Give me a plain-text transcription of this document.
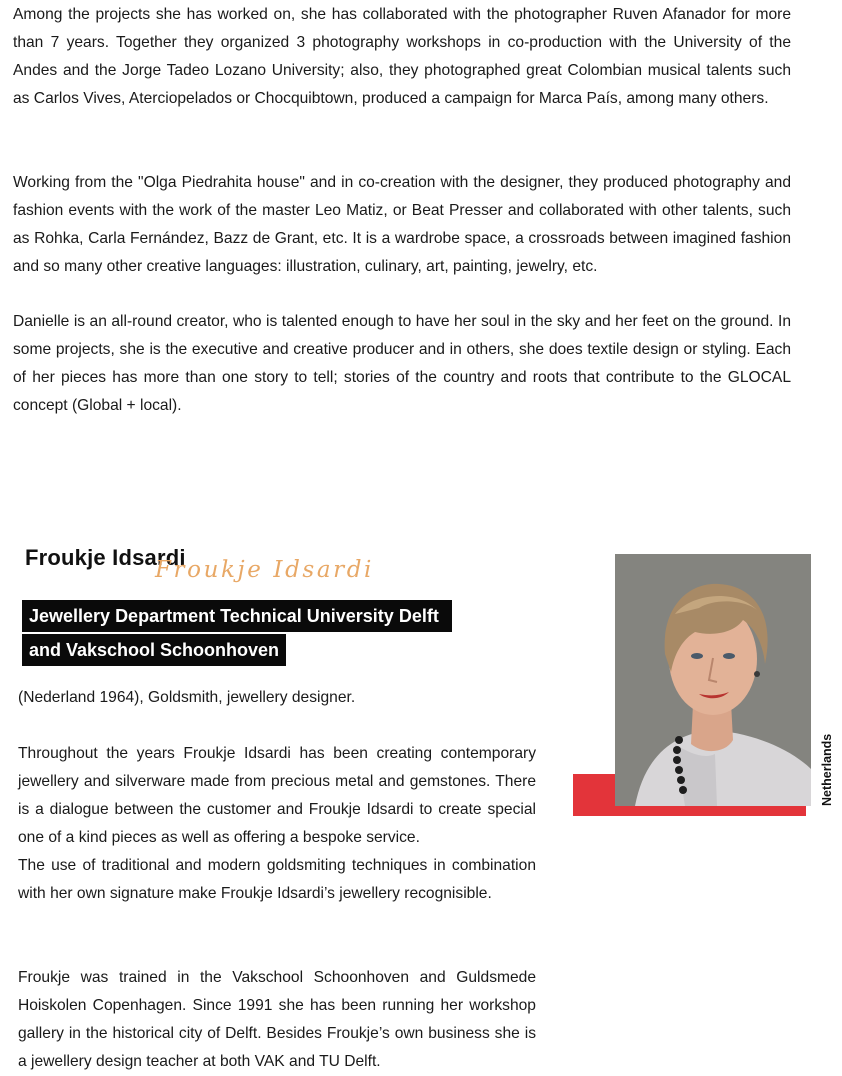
Among the projects she has worked on, she has collaborated with the photographer Ruven Afanador for more than 7 years. Together they organized 3 photography workshops in co-production with the University of the Andes and the Jorge Tadeo Lozano University; also, they photographed great Colombian musical talents such as Carlos Vives, Aterciopelados or Chocquibtown, produced a campaign for Marca País, among many others.

Working from the "Olga Piedrahita house" and in co-creation with the designer, they produced photography and fashion events with the work of the master Leo Matiz, or Beat Presser and collaborated with other talents, such as Rohka, Carla Fernández, Bazz de Grant, etc. It is a wardrobe space, a crossroads between imagined fashion and so many other creative languages: illustration, culinary, art, painting, jewelry, etc.

Danielle is an all-round creator, who is talented enough to have her soul in the sky and her feet on the ground. In some projects, she is the executive and creative producer and in others, she does textile design or styling. Each of her pieces has more than one story to tell; stories of the country and roots that contribute to the GLOCAL concept (Global + local).

Froukje Idsardi
Froukje Idsardi
Jewellery Department Technical University Delft
and Vakschool Schoonhoven

(Nederland 1964), Goldsmith, jewellery designer.

Throughout the years Froukje Idsardi has been creating contemporary jewellery and silverware made from precious metal and gemstones. There is a dialogue between the customer and Froukje Idsardi to create special one of a kind pieces as well as offering a bespoke service.

The use of traditional and modern goldsmiting techniques in combination with her own signature make Froukje Idsardi’s jewellery recognisible.

Froukje was trained in the Vakschool Schoonhoven and Guldsmede Hoiskolen Copenhagen. Since 1991 she has been running her workshop gallery in the historical city of Delft. Besides Froukje’s own business she is a jewellery design teacher at both VAK and TU Delft.

Netherlands
